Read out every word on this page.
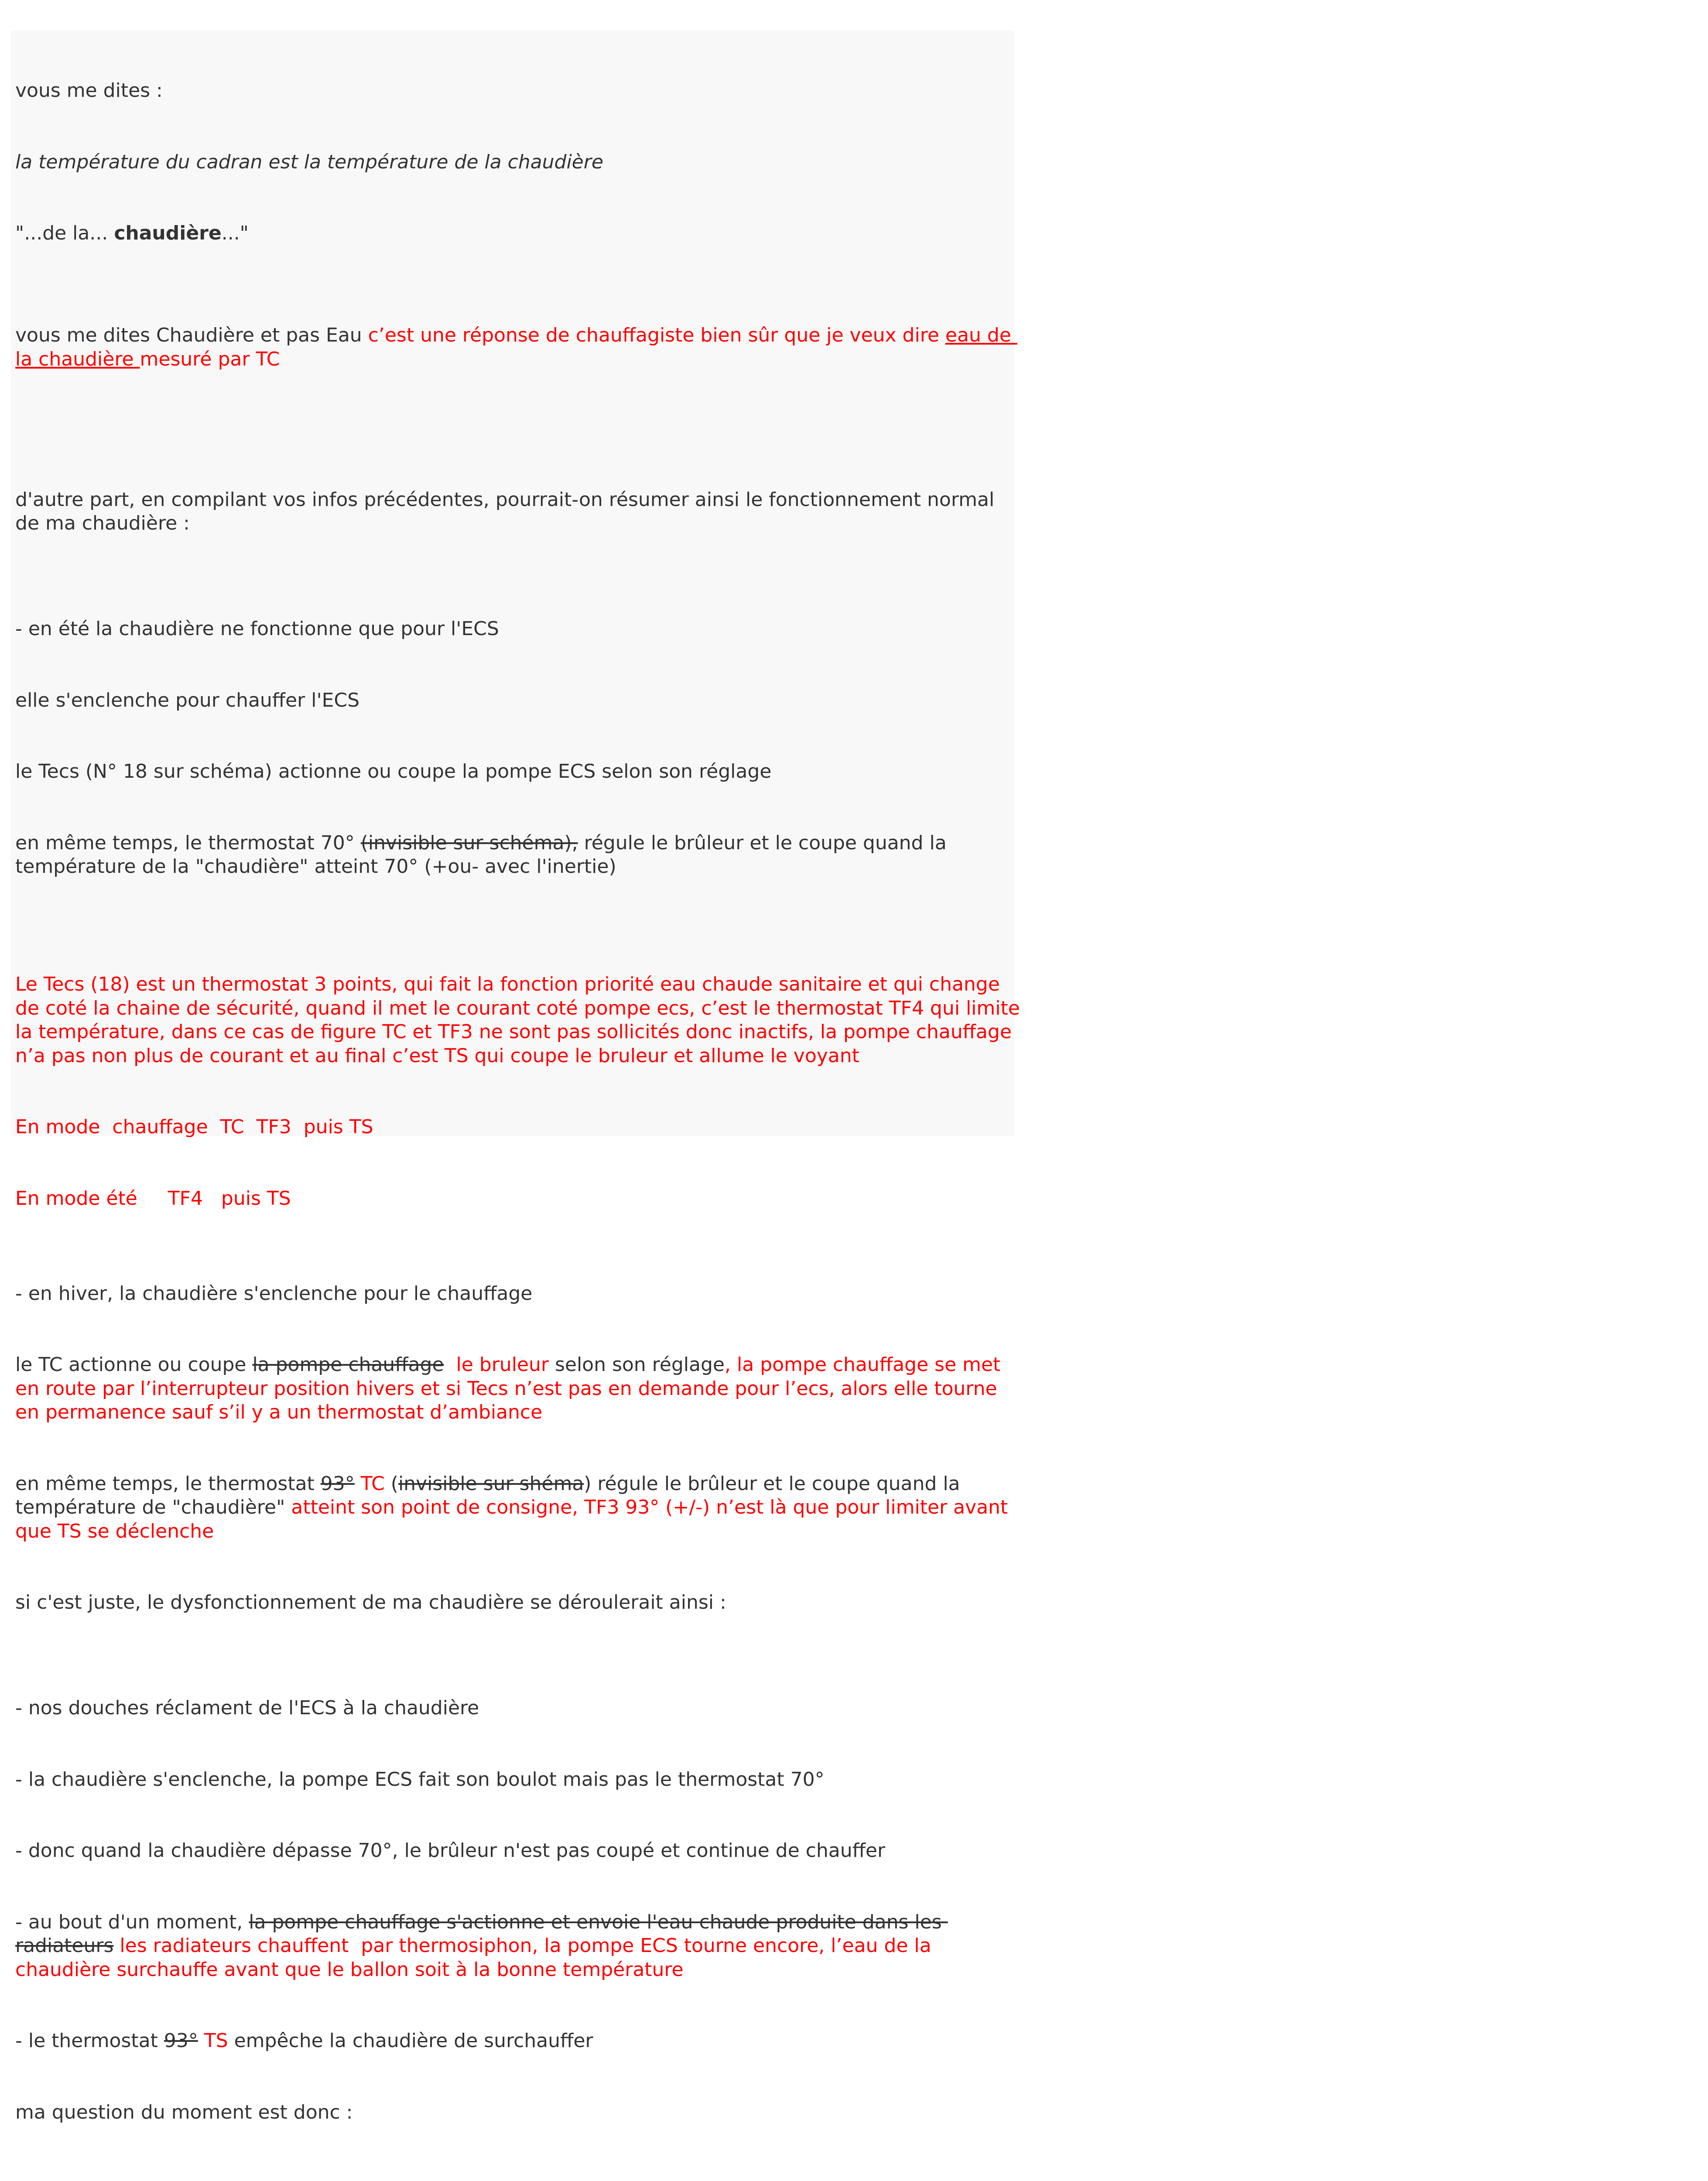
vous me dites :

la température du cadran est la température de la chaudière

"...de la... chaudière..."

vous me dites Chaudière et pas Eau c’est une réponse de chauffagiste bien sûr que je veux dire eau de la chaudière mesuré par TC

d'autre part, en compilant vos infos précédentes, pourrait-on résumer ainsi le fonctionnement normal de ma chaudière :

- en été la chaudière ne fonctionne que pour l'ECS

elle s'enclenche pour chauffer l'ECS

le Tecs (N° 18 sur schéma) actionne ou coupe la pompe ECS selon son réglage

en même temps, le thermostat 70° (invisible sur schéma), régule le brûleur et le coupe quand la température de la "chaudière" atteint 70° (+ou- avec l'inertie)

Le Tecs (18) est un thermostat 3 points, qui fait la fonction priorité eau chaude sanitaire et qui change de coté la chaine de sécurité, quand il met le courant coté pompe ecs, c’est le thermostat TF4 qui limite la température, dans ce cas de figure TC et TF3 ne sont pas sollicités donc inactifs, la pompe chauffage n’a pas non plus de courant et au final c’est TS qui coupe le bruleur et allume le voyant

En mode  chauffage  TC  TF3  puis TS

En mode été     TF4   puis TS

- en hiver, la chaudière s'enclenche pour le chauffage

le TC actionne ou coupe la pompe chauffage  le bruleur selon son réglage, la pompe chauffage se met en route par l’interrupteur position hivers et si Tecs n’est pas en demande pour l’ecs, alors elle tourne en permanence sauf s’il y a un thermostat d’ambiance

en même temps, le thermostat 93° TC (invisible sur shéma) régule le brûleur et le coupe quand la température de "chaudière" atteint son point de consigne, TF3 93° (+/-) n’est là que pour limiter avant que TS se déclenche

si c'est juste, le dysfonctionnement de ma chaudière se déroulerait ainsi :

- nos douches réclament de l'ECS à la chaudière

- la chaudière s'enclenche, la pompe ECS fait son boulot mais pas le thermostat 70°

- donc quand la chaudière dépasse 70°, le brûleur n'est pas coupé et continue de chauffer

- au bout d'un moment, la pompe chauffage s'actionne et envoie l'eau chaude produite dans les radiateurs les radiateurs chauffent  par thermosiphon, la pompe ECS tourne encore, l’eau de la chaudière surchauffe avant que le ballon soit à la bonne température

- le thermostat 93° TS empêche la chaudière de surchauffer

ma question du moment est donc :
